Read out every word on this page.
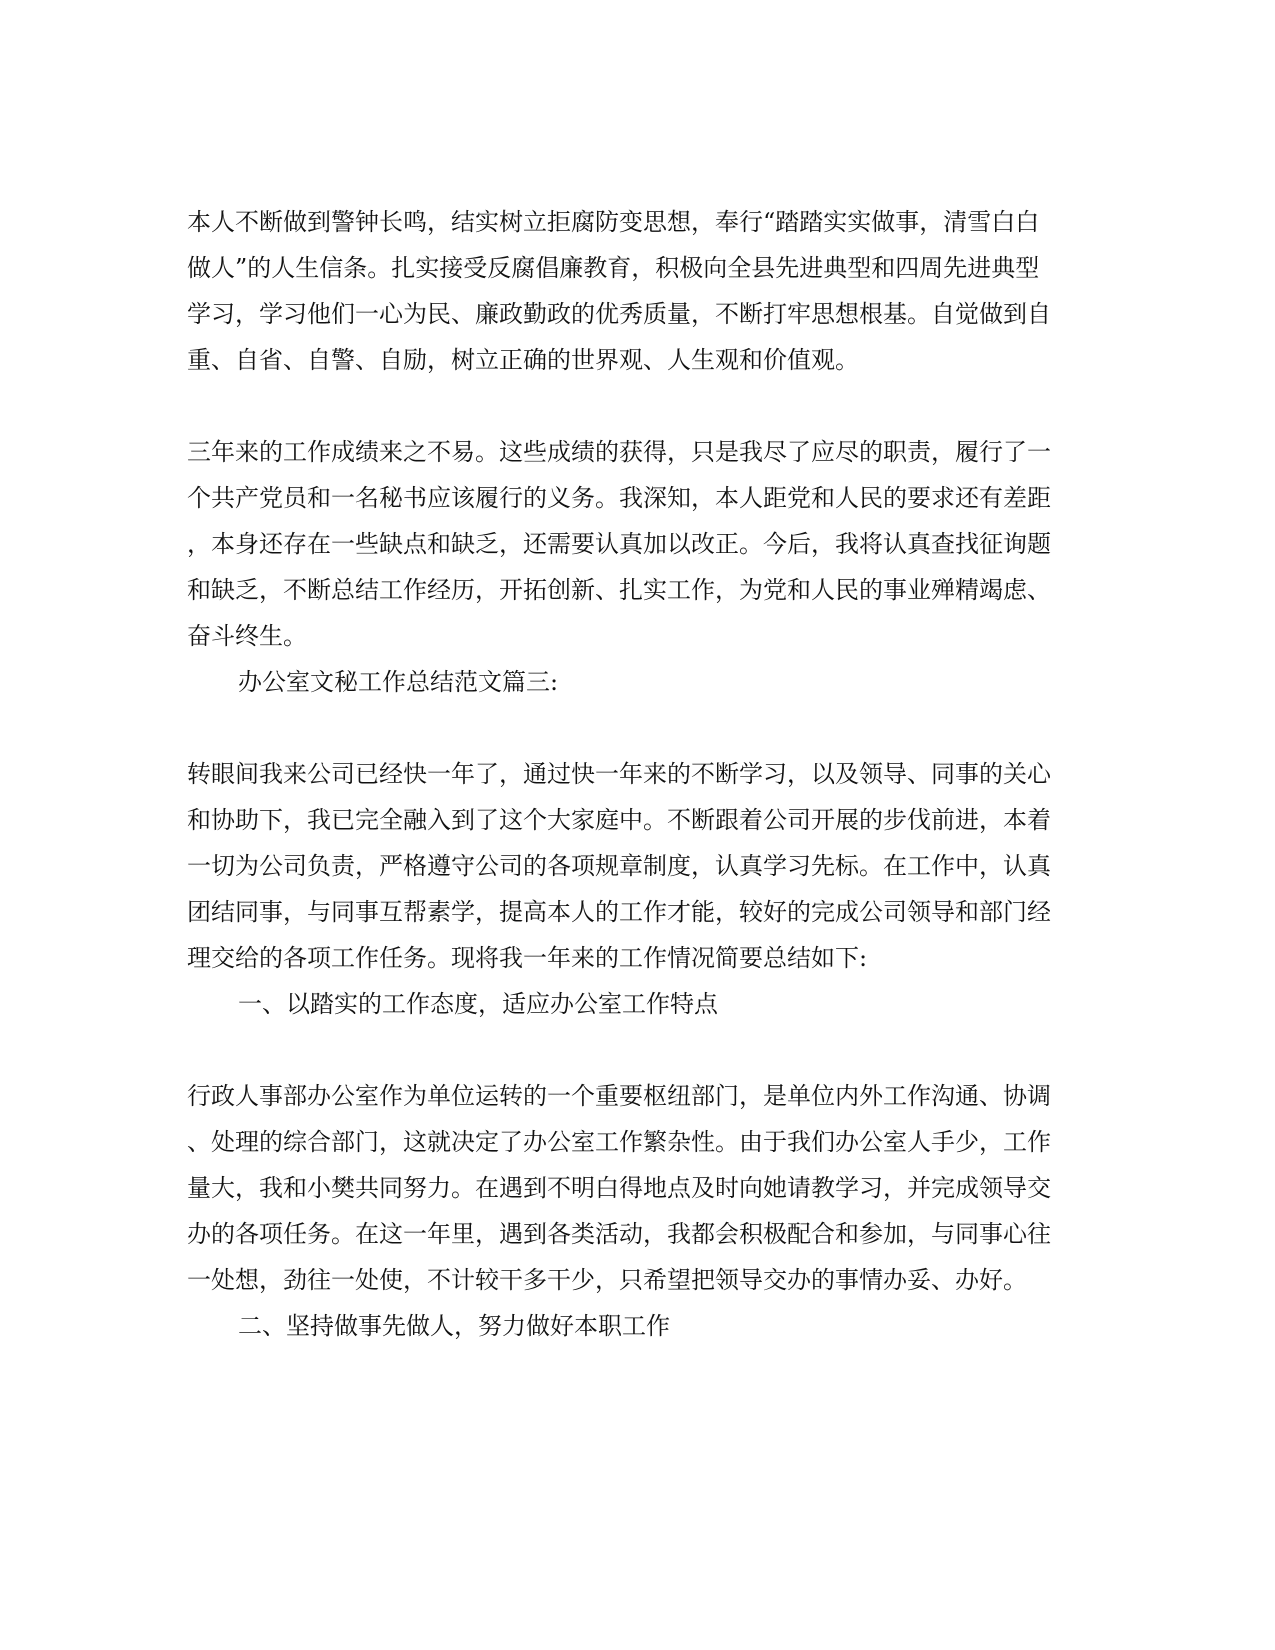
本人不断做到警钟长鸣，结实树立拒腐防变思想，奉行“踏踏实实做事，清雪白白
做人”的人生信条。扎实接受反腐倡廉教育，积极向全县先进典型和四周先进典型
学习，学习他们一心为民、廉政勤政的优秀质量，不断打牢思想根基。自觉做到自
重、自省、自警、自励，树立正确的世界观、人生观和价值观。
三年来的工作成绩来之不易。这些成绩的获得，只是我尽了应尽的职责，履行了一
个共产党员和一名秘书应该履行的义务。我深知，本人距党和人民的要求还有差距
，本身还存在一些缺点和缺乏，还需要认真加以改正。今后，我将认真查找征询题
和缺乏，不断总结工作经历，开拓创新、扎实工作，为党和人民的事业殚精竭虑、
奋斗终生。
办公室文秘工作总结范文篇三:
转眼间我来公司已经快一年了，通过快一年来的不断学习，以及领导、同事的关心
和协助下，我已完全融入到了这个大家庭中。不断跟着公司开展的步伐前进，本着
一切为公司负责，严格遵守公司的各项规章制度，认真学习先标。在工作中，认真
团结同事，与同事互帮素学，提高本人的工作才能，较好的完成公司领导和部门经
理交给的各项工作任务。现将我一年来的工作情况简要总结如下:
一、以踏实的工作态度，适应办公室工作特点
行政人事部办公室作为单位运转的一个重要枢纽部门，是单位内外工作沟通、协调
、处理的综合部门，这就决定了办公室工作繁杂性。由于我们办公室人手少，工作
量大，我和小樊共同努力。在遇到不明白得地点及时向她请教学习，并完成领导交
办的各项任务。在这一年里，遇到各类活动，我都会积极配合和参加，与同事心往
一处想，劲往一处使，不计较干多干少，只希望把领导交办的事情办妥、办好。
二、坚持做事先做人，努力做好本职工作
